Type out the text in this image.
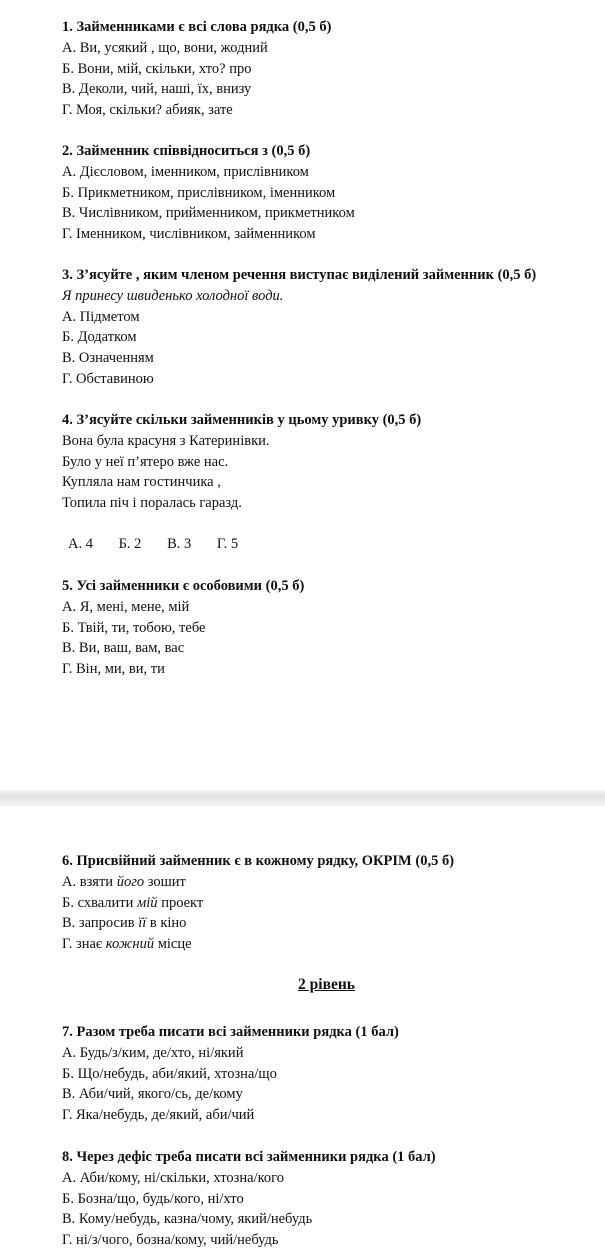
1. Займенниками є всі слова рядка (0,5 б)
А. Ви, усякий , що, вони, жодний
Б. Вони, мій, скільки, хто? про
В. Деколи, чий, наші, їх, внизу
Г. Моя, скільки? абияк, зате
2. Займенник співвідноситься з (0,5 б)
А. Дієсловом, іменником, прислівником
Б. Прикметником, прислівником, іменником
В. Числівником, прийменником, прикметником
Г. Іменником, числівником, займенником
3. З’ясуйте , яким членом речення виступає виділений займенник (0,5 б)
Я принесу швиденько холодної води.
А. Підметом
Б. Додатком
В. Означенням
Г. Обставиною
4. З’ясуйте скільки займенників у цьому уривку (0,5 б)
Вона була красуня з Катеринівки.
Було у неї п’ятеро вже нас.
Купляла нам гостинчика ,
Топила піч і поралась гаразд.
А. 4 Б. 2 В. 3 Г. 5
5. Усі займенники є особовими (0,5 б)
А. Я, мені, мене, мій
Б. Твій, ти, тобою, тебе
В. Ви, ваш, вам, вас
Г. Він, ми, ви, ти
6. Присвійний займенник є в кожному рядку, ОКРІМ (0,5 б)
А. взяти його зошит
Б. схвалити мій проект
В. запросив її в кіно
Г. знає кожний місце
2 рівень
7. Разом треба писати всі займенники рядка (1 бал)
А. Будь/з/ким, де/хто, ні/який
Б. Що/небудь, аби/який, хтозна/що
В. Аби/чий, якого/сь, де/кому
Г. Яка/небудь, де/який, аби/чий
8. Через дефіс треба писати всі займенники рядка (1 бал)
А. Аби/кому, ні/скільки, хтозна/кого
Б. Бозна/що, будь/кого, ні/хто
В. Кому/небудь, казна/чому, який/небудь
Г. ні/з/чого, бозна/кому, чий/небудь
